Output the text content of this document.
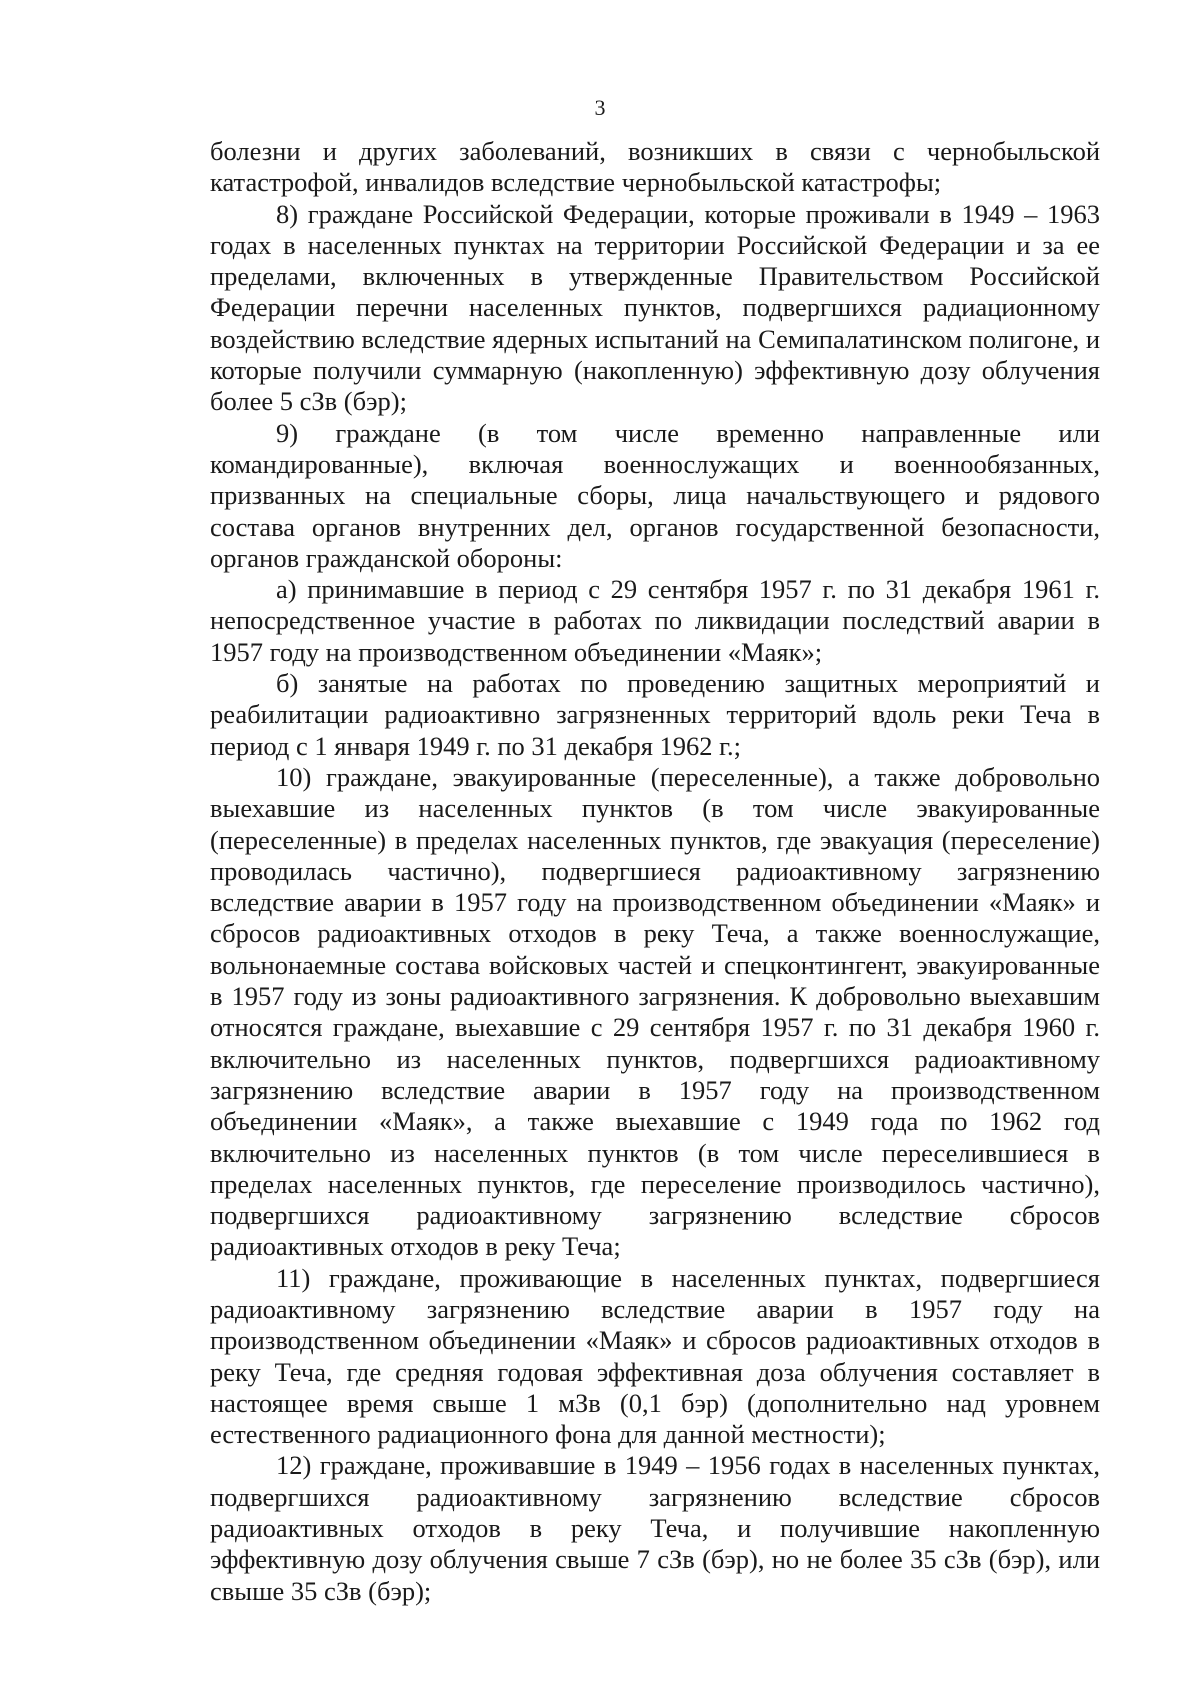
3

болезни и других заболеваний, возникших в связи с чернобыльской катастрофой, инвалидов вследствие чернобыльской катастрофы;

8) граждане Российской Федерации, которые проживали в 1949 – 1963 годах в населенных пунктах на территории Российской Федерации и за ее пределами, включенных в утвержденные Правительством Российской Федерации перечни населенных пунктов, подвергшихся радиационному воздействию вследствие ядерных испытаний на Семипалатинском полигоне, и которые получили суммарную (накопленную) эффективную дозу облучения более 5 сЗв (бэр);

9) граждане (в том числе временно направленные или командированные), включая военнослужащих и военнообязанных, призванных на специальные сборы, лица начальствующего и рядового состава органов внутренних дел, органов государственной безопасности, органов гражданской обороны:

а) принимавшие в период с 29 сентября 1957 г. по 31 декабря 1961 г. непосредственное участие в работах по ликвидации последствий аварии в 1957 году на производственном объединении «Маяк»;

б) занятые на работах по проведению защитных мероприятий и реабилитации радиоактивно загрязненных территорий вдоль реки Теча в период с 1 января 1949 г. по 31 декабря 1962 г.;

10) граждане, эвакуированные (переселенные), а также добровольно выехавшие из населенных пунктов (в том числе эвакуированные (переселенные) в пределах населенных пунктов, где эвакуация (переселение) проводилась частично), подвергшиеся радиоактивному загрязнению вследствие аварии в 1957 году на производственном объединении «Маяк» и сбросов радиоактивных отходов в реку Теча, а также военнослужащие, вольнонаемные состава войсковых частей и спецконтингент, эвакуированные в 1957 году из зоны радиоактивного загрязнения. К добровольно выехавшим относятся граждане, выехавшие с 29 сентября 1957 г. по 31 декабря 1960 г. включительно из населенных пунктов, подвергшихся радиоактивному загрязнению вследствие аварии в 1957 году на производственном объединении «Маяк», а также выехавшие с 1949 года по 1962 год включительно из населенных пунктов (в том числе переселившиеся в пределах населенных пунктов, где переселение производилось частично), подвергшихся радиоактивному загрязнению вследствие сбросов радиоактивных отходов в реку Теча;

11) граждане, проживающие в населенных пунктах, подвергшиеся радиоактивному загрязнению вследствие аварии в 1957 году на производственном объединении «Маяк» и сбросов радиоактивных отходов в реку Теча, где средняя годовая эффективная доза облучения составляет в настоящее время свыше 1 мЗв (0,1 бэр) (дополнительно над уровнем естественного радиационного фона для данной местности);

12) граждане, проживавшие в 1949 – 1956 годах в населенных пунктах, подвергшихся радиоактивному загрязнению вследствие сбросов радиоактивных отходов в реку Теча, и получившие накопленную эффективную дозу облучения свыше 7 сЗв (бэр), но не более 35 сЗв (бэр), или свыше 35 сЗв (бэр);
